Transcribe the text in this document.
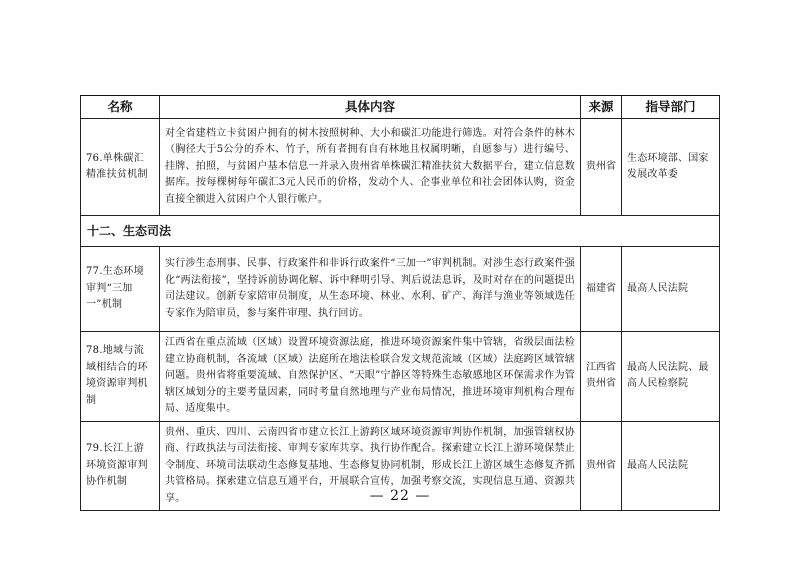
名称	具体内容	来源	指导部门
76.单株碳汇精准扶贫机制	对全省建档立卡贫困户拥有的树木按照树种、大小和碳汇功能进行筛选。对符合条件的林木（胸径大于5公分的乔木、竹子，所有者拥有自有林地且权属明晰，自愿参与）进行编号、挂牌、拍照，与贫困户基本信息一并录入贵州省单株碳汇精准扶贫大数据平台，建立信息数据库。按每棵树每年碳汇3元人民币的价格，发动个人、企事业单位和社会团体认购，资金直接全额进入贫困户个人银行帐户。	贵州省	生态环境部、国家发展改革委
十二、生态司法			
77.生态环境审判“三加一”机制	实行涉生态刑事、民事、行政案件和非诉行政案件“三加一”审判机制。对涉生态行政案件强化“两法衔接”，坚持诉前协调化解、诉中释明引导、判后说法息诉，及时对存在的问题提出司法建议。创新专家陪审员制度，从生态环境、林业、水利、矿产、海洋与渔业等领域选任专家作为陪审员，参与案件审理、执行回访。	福建省	最高人民法院
78.地域与流域相结合的环境资源审判机制	江西省在重点流域（区域）设置环境资源法庭，推进环境资源案件集中管辖，省级层面法检建立协商机制，各流域（区域）法庭所在地法检联合发文规范流域（区域）法庭跨区域管辖问题。贵州省将重要流域、自然保护区、“天眼”宁静区等特殊生态敏感地区环保需求作为管辖区域划分的主要考量因素，同时考量自然地理与产业布局情况，推进环境审判机构合理布局、适度集中。	江西省贵州省	最高人民法院、最高人民检察院
79.长江上游环境资源审判协作机制	贵州、重庆、四川、云南四省市建立长江上游跨区域环境资源审判协作机制，加强管辖权协商、行政执法与司法衔接、审判专家库共享、执行协作配合。探索建立长江上游环境保禁止令制度、环境司法联动生态修复基地、生态修复协同机制，形成长江上游区域生态修复齐抓共管格局。探索建立信息互通平台，开展联合宣传，加强考察交流，实现信息互通、资源共享。	贵州省	最高人民法院
— 22 —
